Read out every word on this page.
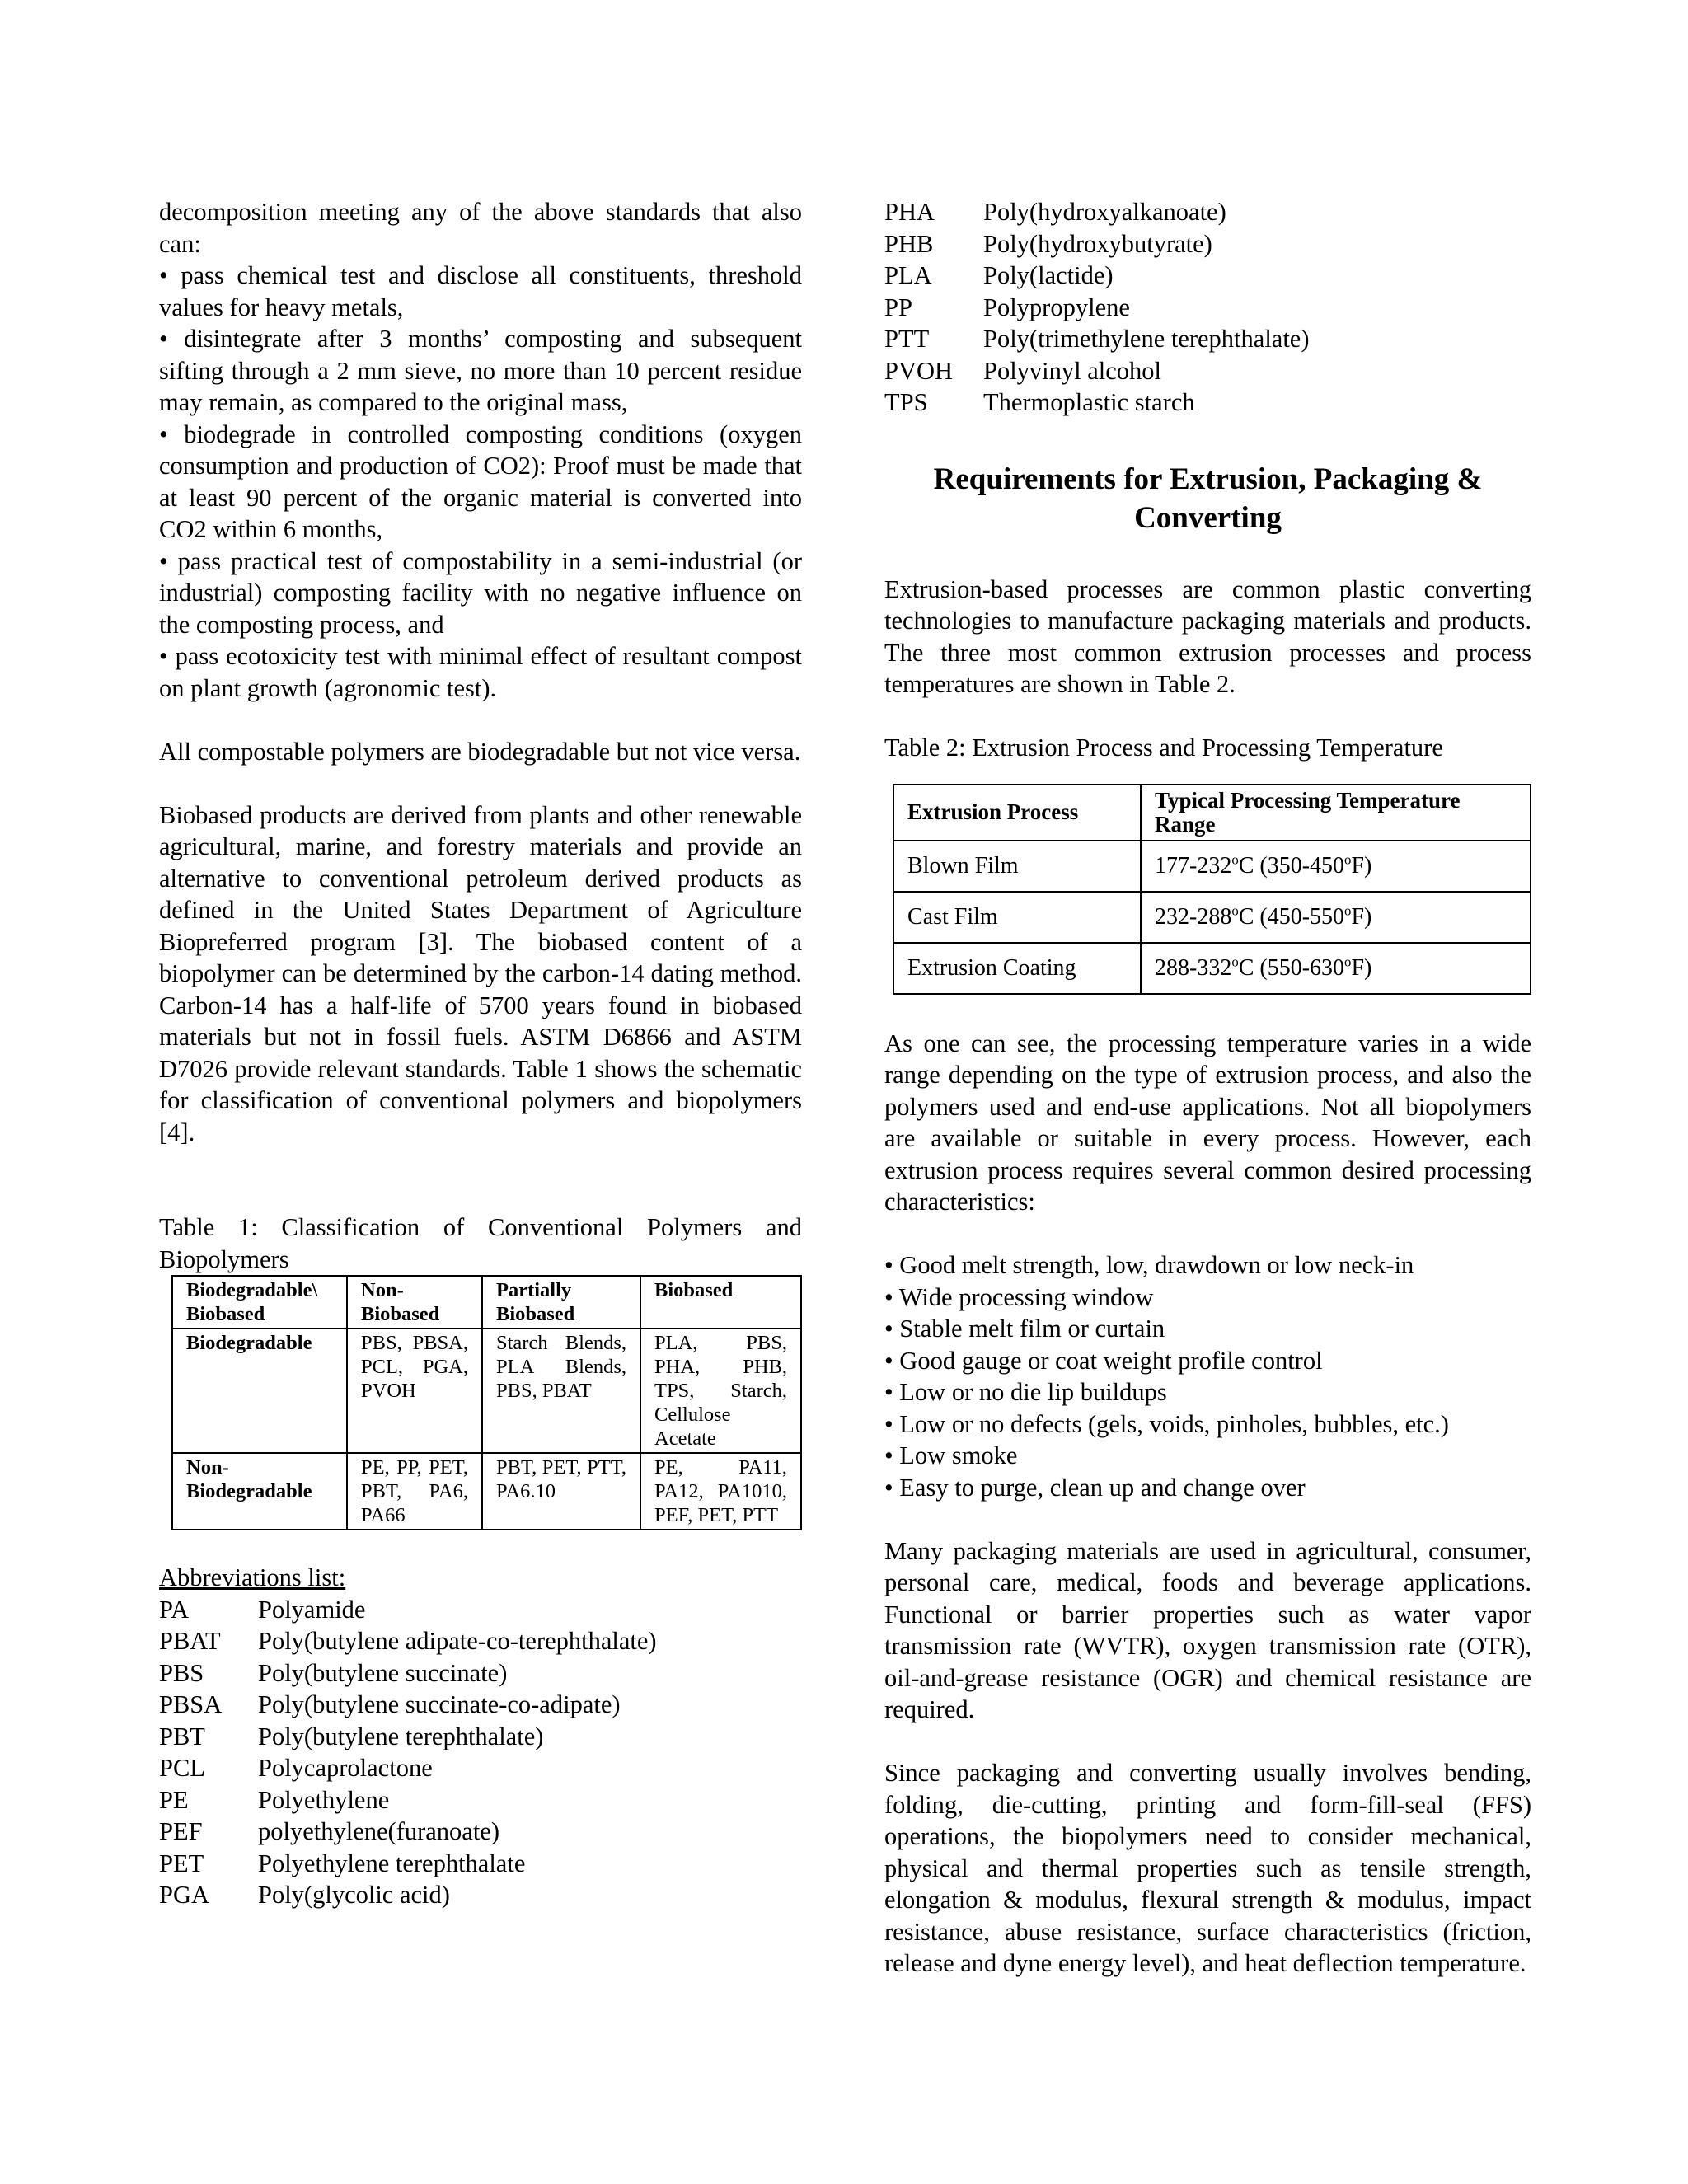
decomposition meeting any of the above standards that also can:

• pass chemical test and disclose all constituents, threshold values for heavy metals,

• disintegrate after 3 months’ composting and subsequent sifting through a 2 mm sieve, no more than 10 percent residue may remain, as compared to the original mass,

• biodegrade in controlled composting conditions (oxygen consumption and production of CO2): Proof must be made that at least 90 percent of the organic material is converted into CO2 within 6 months,

• pass practical test of compostability in a semi-industrial (or industrial) composting facility with no negative influence on the composting process, and

• pass ecotoxicity test with minimal effect of resultant compost on plant growth (agronomic test).

All compostable polymers are biodegradable but not vice versa.

Biobased products are derived from plants and other renewable agricultural, marine, and forestry materials and provide an alternative to conventional petroleum derived products as defined in the United States Department of Agriculture Biopreferred program [3]. The biobased content of a biopolymer can be determined by the carbon-14 dating method. Carbon-14 has a half-life of 5700 years found in biobased materials but not in fossil fuels. ASTM D6866 and ASTM D7026 provide relevant standards. Table 1 shows the schematic for classification of conventional polymers and biopolymers [4].

Table 1: Classification of Conventional Polymers and Biopolymers

Biodegradable\ Biobased	Non-Biobased	Partially Biobased	Biobased
Biodegradable	PBS, PBSA, PCL, PGA, PVOH	Starch Blends, PLA Blends, PBS, PBAT	PLA, PBS, PHA, PHB, TPS, Starch, Cellulose Acetate
Non-Biodegradable	PE, PP, PET, PBT, PA6, PA66	PBT, PET, PTT, PA6.10	PE, PA11, PA12, PA1010, PEF, PET, PTT

Abbreviations list:

PA	Polyamide
PBAT	Poly(butylene adipate-co-terephthalate)
PBS	Poly(butylene succinate)
PBSA	Poly(butylene succinate-co-adipate)
PBT	Poly(butylene terephthalate)
PCL	Polycaprolactone
PE	Polyethylene
PEF	polyethylene(furanoate)
PET	Polyethylene terephthalate
PGA	Poly(glycolic acid)
PHA	Poly(hydroxyalkanoate)
PHB	Poly(hydroxybutyrate)
PLA	Poly(lactide)
PP	Polypropylene
PTT	Poly(trimethylene terephthalate)
PVOH	Polyvinyl alcohol
TPS	Thermoplastic starch
Requirements for Extrusion, Packaging & Converting

Extrusion-based processes are common plastic converting technologies to manufacture packaging materials and products. The three most common extrusion processes and process temperatures are shown in Table 2.

Table 2: Extrusion Process and Processing Temperature

Extrusion Process	Typical Processing Temperature Range
Blown Film	177-232$^o$C (350-450$^o$F)
Cast Film	232-288$^o$C (450-550$^o$F)
Extrusion Coating	288-332$^o$C (550-630$^o$F)

As one can see, the processing temperature varies in a wide range depending on the type of extrusion process, and also the polymers used and end-use applications. Not all biopolymers are available or suitable in every process. However, each extrusion process requires several common desired processing characteristics:

• Good melt strength, low, drawdown or low neck-in

• Wide processing window

• Stable melt film or curtain

• Good gauge or coat weight profile control

• Low or no die lip buildups

• Low or no defects (gels, voids, pinholes, bubbles, etc.)

• Low smoke

• Easy to purge, clean up and change over

Many packaging materials are used in agricultural, consumer, personal care, medical, foods and beverage applications. Functional or barrier properties such as water vapor transmission rate (WVTR), oxygen transmission rate (OTR), oil-and-grease resistance (OGR) and chemical resistance are required.

Since packaging and converting usually involves bending, folding, die-cutting, printing and form-fill-seal (FFS) operations, the biopolymers need to consider mechanical, physical and thermal properties such as tensile strength, elongation & modulus, flexural strength & modulus, impact resistance, abuse resistance, surface characteristics (friction, release and dyne energy level), and heat deflection temperature.
